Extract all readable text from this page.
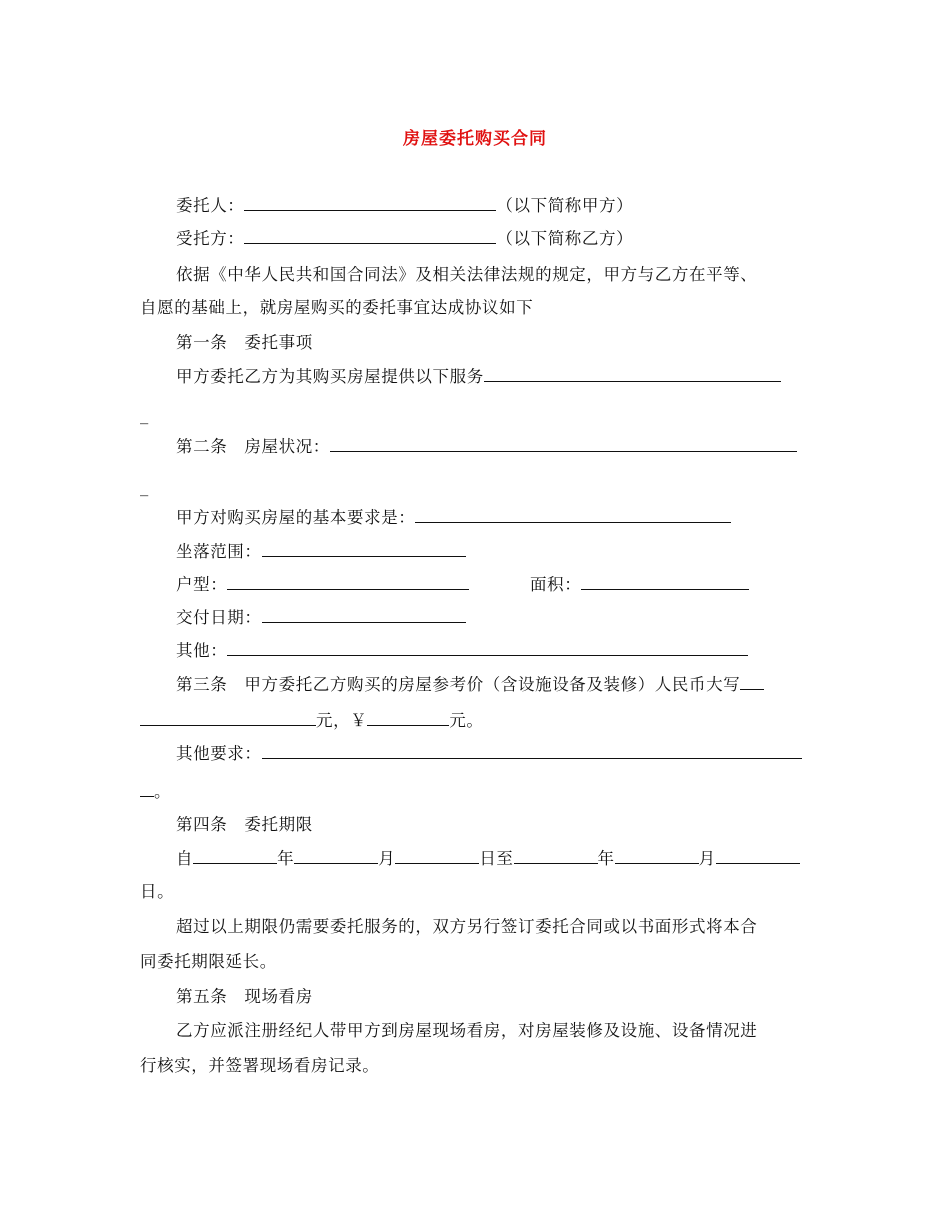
房屋委托购买合同
委托人：	（以下简称甲方）
受托方：	（以下简称乙方）
依据《中华人民共和国合同法》及相关法律法规的规定，甲方与乙方在平等、
自愿的基础上，就房屋购买的委托事宜达成协议如下
第一条　委托事项
甲方委托乙方为其购买房屋提供以下服务
_
第二条　房屋状况：
_
甲方对购买房屋的基本要求是：
坐落范围：
户型：	面积：
交付日期：
其他：
第三条　甲方委托乙方购买的房屋参考价（含设施设备及装修）人民币大写
元，￥	元。
其他要求：
。
第四条　委托期限
自	年	月	日至	年	月
日。
超过以上期限仍需要委托服务的，双方另行签订委托合同或以书面形式将本合
同委托期限延长。
第五条　现场看房
乙方应派注册经纪人带甲方到房屋现场看房，对房屋装修及设施、设备情况进
行核实，并签署现场看房记录。
